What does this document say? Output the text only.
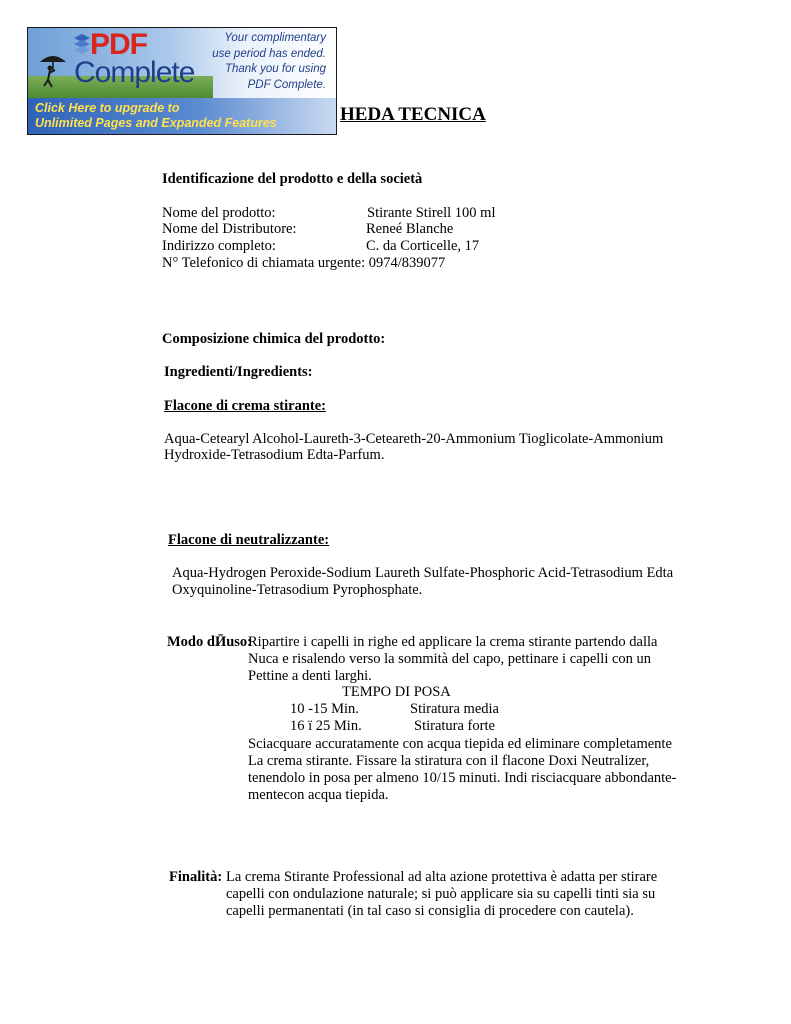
PDF
Complete
Your complimentary
use period has ended.
Thank you for using
PDF Complete.
Click Here to upgrade to
Unlimited Pages and Expanded Features	HEDA TECNICA
Identificazione del prodotto e della società
Nome del prodotto:	Stirante Stirell 100 ml
Nome del Distributore:	Reneé Blanche
Indirizzo completo:	C. da Corticelle, 17
N° Telefonico di chiamata urgente: 0974/839077
Composizione chimica del prodotto:
Ingredienti/Ingredients:
Flacone di crema stirante:
Aqua-Cetearyl Alcohol-Laureth-3-Ceteareth-20-Ammonium Tioglicolate-Ammonium
Hydroxide-Tetrasodium Edta-Parfum.
Flacone di neutralizzante:
Aqua-Hydrogen Peroxide-Sodium Laureth Sulfate-Phosphoric Acid-Tetrasodium Edta
Oxyquinoline-Tetrasodium Pyrophosphate.
Modo dӢuso:
Ripartire i capelli in righe ed applicare la crema stirante partendo dalla
Nuca e risalendo verso la sommità del capo, pettinare i capelli con un
Pettine a denti larghi.
TEMPO DI POSA
10 -15 Min.	Stiratura media
16 ї 25 Min.	Stiratura forte
Sciacquare accuratamente con acqua tiepida ed eliminare completamente
La crema stirante. Fissare la stiratura con il flacone Doxi Neutralizer,
tenendolo in posa per almeno 10/15 minuti. Indi risciacquare abbondante-
mentecon acqua tiepida.
Finalità: La crema Stirante Professional ad alta azione protettiva è adatta per stirare
capelli con ondulazione naturale; si può applicare sia su capelli tinti sia su
capelli permanentati (in tal caso si consiglia di procedere con cautela).
